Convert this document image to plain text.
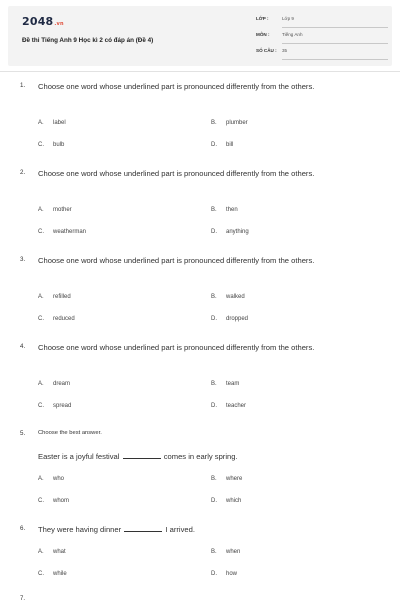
2048.vn
Đề thi Tiếng Anh 9 Học kì 2 có đáp án (Đề 4)
LỚP :	Lớp 9
MÔN :	Tiếng Anh
SỐ CÂU : 35
1. Choose one word whose underlined part is pronounced differently from the others.
A. label	B. plumber
C. bulb	D. bill
2. Choose one word whose underlined part is pronounced differently from the others.
A. mother	B. then
C. weatherman	D. anything
3. Choose one word whose underlined part is pronounced differently from the others.
A. refilled	B. walked
C. reduced	D. dropped
4. Choose one word whose underlined part is pronounced differently from the others.
A. dream	B. team
C. spread	D. teacher
5. Choose the best answer.
Easter is a joyful festival	comes in early spring.
A. who	B. where
C. whom	D. which
6. They were having dinner	I arrived.
A. what	B. when
C. while	D. how
7.
